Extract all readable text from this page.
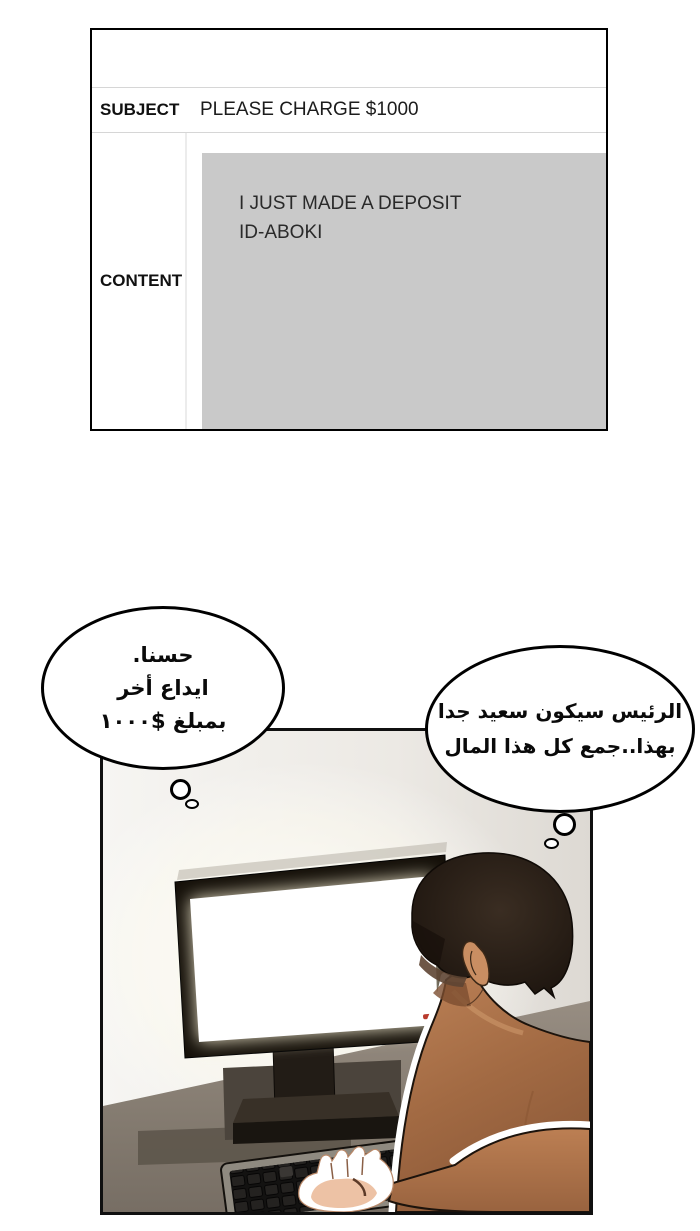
SUBJECT	PLEASE CHARGE $1000
CONTENT
I JUST MADE A DEPOSIT
ID-ABOKI
حسنا.
ايداع أخر
بمبلغ $١٠٠٠	الرئيس سيكون سعيد جدا
بهذا..جمع كل هذا المال
